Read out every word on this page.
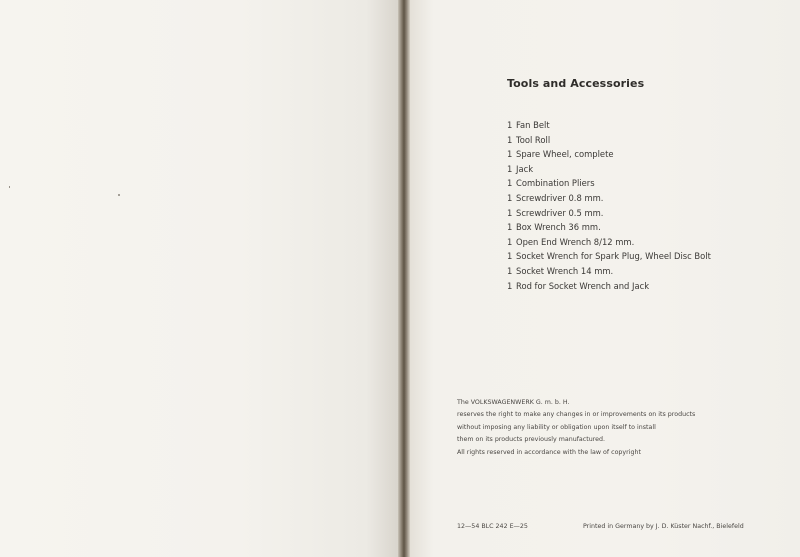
Tools and Accessories
1 Fan Belt
1 Tool Roll
1 Spare Wheel, complete
1 Jack
1 Combination Pliers
1 Screwdriver 0.8 mm.
1 Screwdriver 0.5 mm.
1 Box Wrench 36 mm.
1 Open End Wrench 8/12 mm.
1 Socket Wrench for Spark Plug, Wheel Disc Bolt
1 Socket Wrench 14 mm.
1 Rod for Socket Wrench and Jack
The VOLKSWAGENWERK G. m. b. H.
reserves the right to make any changes in or improvements on its products
without imposing any liability or obligation upon itself to install
them on its products previously manufactured.
All rights reserved in accordance with the law of copyright
12—54 BLC 242 E—25	Printed in Germany by J. D. Küster Nachf., Bielefeld
